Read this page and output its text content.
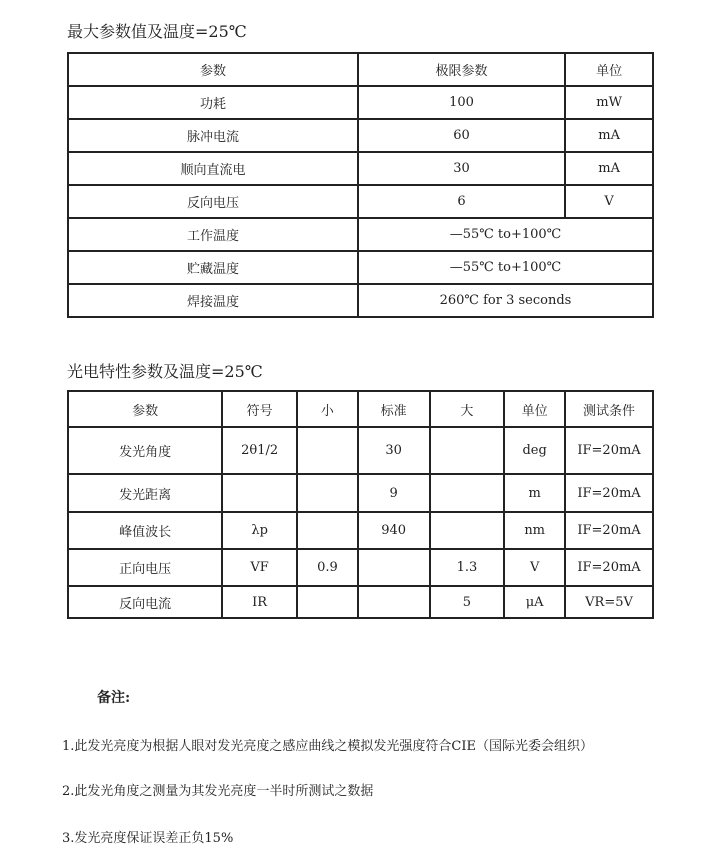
最大参数值及温度=25℃
参数	极限参数	单位
功耗	100	mW
脉冲电流	60	mA
顺向直流电	30	mA
反向电压	6	V
工作温度	—55℃ to+100℃	
贮藏温度	—55℃ to+100℃	
焊接温度	260℃ for 3 seconds	
光电特性参数及温度=25℃
参数	符号	小	标准	大	单位	测试条件
发光角度	2θ1/2		30		deg	IF=20mA
发光距离			9		m	IF=20mA
峰值波长	λp		940		nm	IF=20mA
正向电压	VF	0.9		1.3	V	IF=20mA
反向电流	IR			5	μA	VR=5V
备注:
1.此发光亮度为根据人眼对发光亮度之感应曲线之模拟发光强度符合CIE（国际光委会组织）
2.此发光角度之测量为其发光亮度一半时所测试之数据
3.发光亮度保证误差正负15%
